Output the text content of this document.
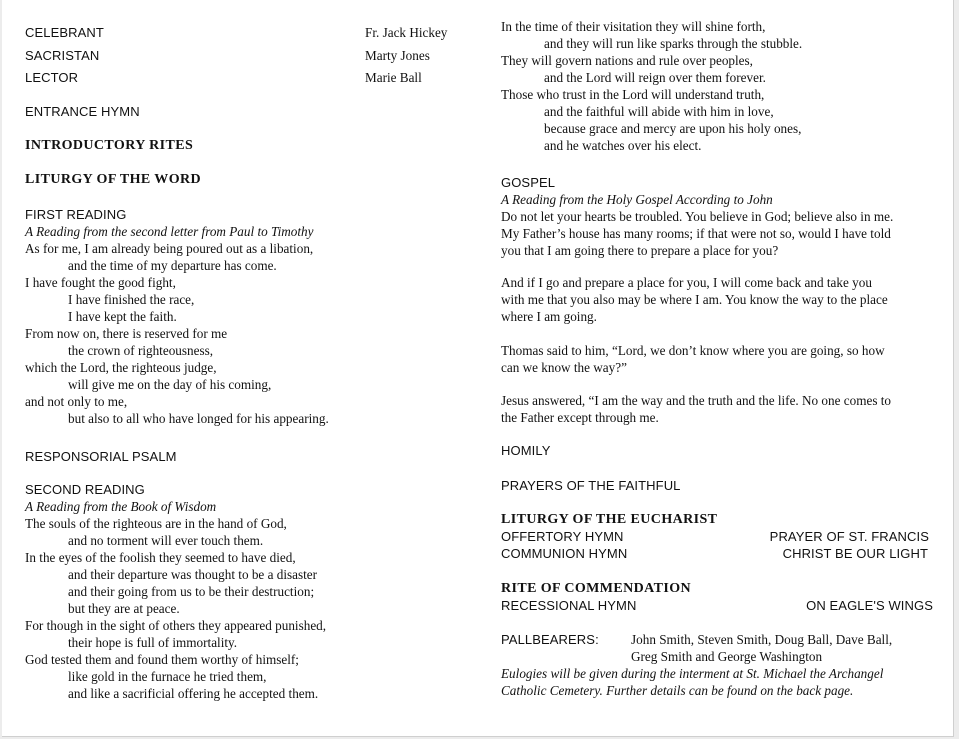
CELEBRANT	Fr. Jack Hickey
SACRISTAN	Marty Jones
LECTOR	Marie Ball
ENTRANCE HYMN
INTRODUCTORY RITES
LITURGY OF THE WORD
FIRST READING
A Reading from the second letter from Paul to Timothy
As for me, I am already being poured out as a libation,
and the time of my departure has come.
I have fought the good fight,
I have finished the race,
I have kept the faith.
From now on, there is reserved for me
the crown of righteousness,
which the Lord, the righteous judge,
will give me on the day of his coming,
and not only to me,
but also to all who have longed for his appearing.
RESPONSORIAL PSALM
SECOND READING
A Reading from the Book of Wisdom
The souls of the righteous are in the hand of God,
and no torment will ever touch them.
In the eyes of the foolish they seemed to have died,
and their departure was thought to be a disaster
and their going from us to be their destruction;
but they are at peace.
For though in the sight of others they appeared punished,
their hope is full of immortality.
God tested them and found them worthy of himself;
like gold in the furnace he tried them,
and like a sacrificial offering he accepted them.
In the time of their visitation they will shine forth,
and they will run like sparks through the stubble.
They will govern nations and rule over peoples,
and the Lord will reign over them forever.
Those who trust in the Lord will understand truth,
and the faithful will abide with him in love,
because grace and mercy are upon his holy ones,
and he watches over his elect.
GOSPEL
A Reading from the Holy Gospel According to John
Do not let your hearts be troubled. You believe in God; believe also in me.
My Father’s house has many rooms; if that were not so, would I have told
you that I am going there to prepare a place for you?
And if I go and prepare a place for you, I will come back and take you
with me that you also may be where I am. You know the way to the place
where I am going.
Thomas said to him, “Lord, we don’t know where you are going, so how
can we know the way?”
Jesus answered, “I am the way and the truth and the life. No one comes to
the Father except through me.
HOMILY
PRAYERS OF THE FAITHFUL
LITURGY OF THE EUCHARIST
OFFERTORY HYMN	PRAYER OF ST. FRANCIS
COMMUNION HYMN	CHRIST BE OUR LIGHT
RITE OF COMMENDATION
RECESSIONAL HYMN	ON EAGLE'S WINGS
PALLBEARERS: John Smith, Steven Smith, Doug Ball, Dave Ball,
Greg Smith and George Washington
Eulogies will be given during the interment at St. Michael the Archangel
Catholic Cemetery. Further details can be found on the back page.
